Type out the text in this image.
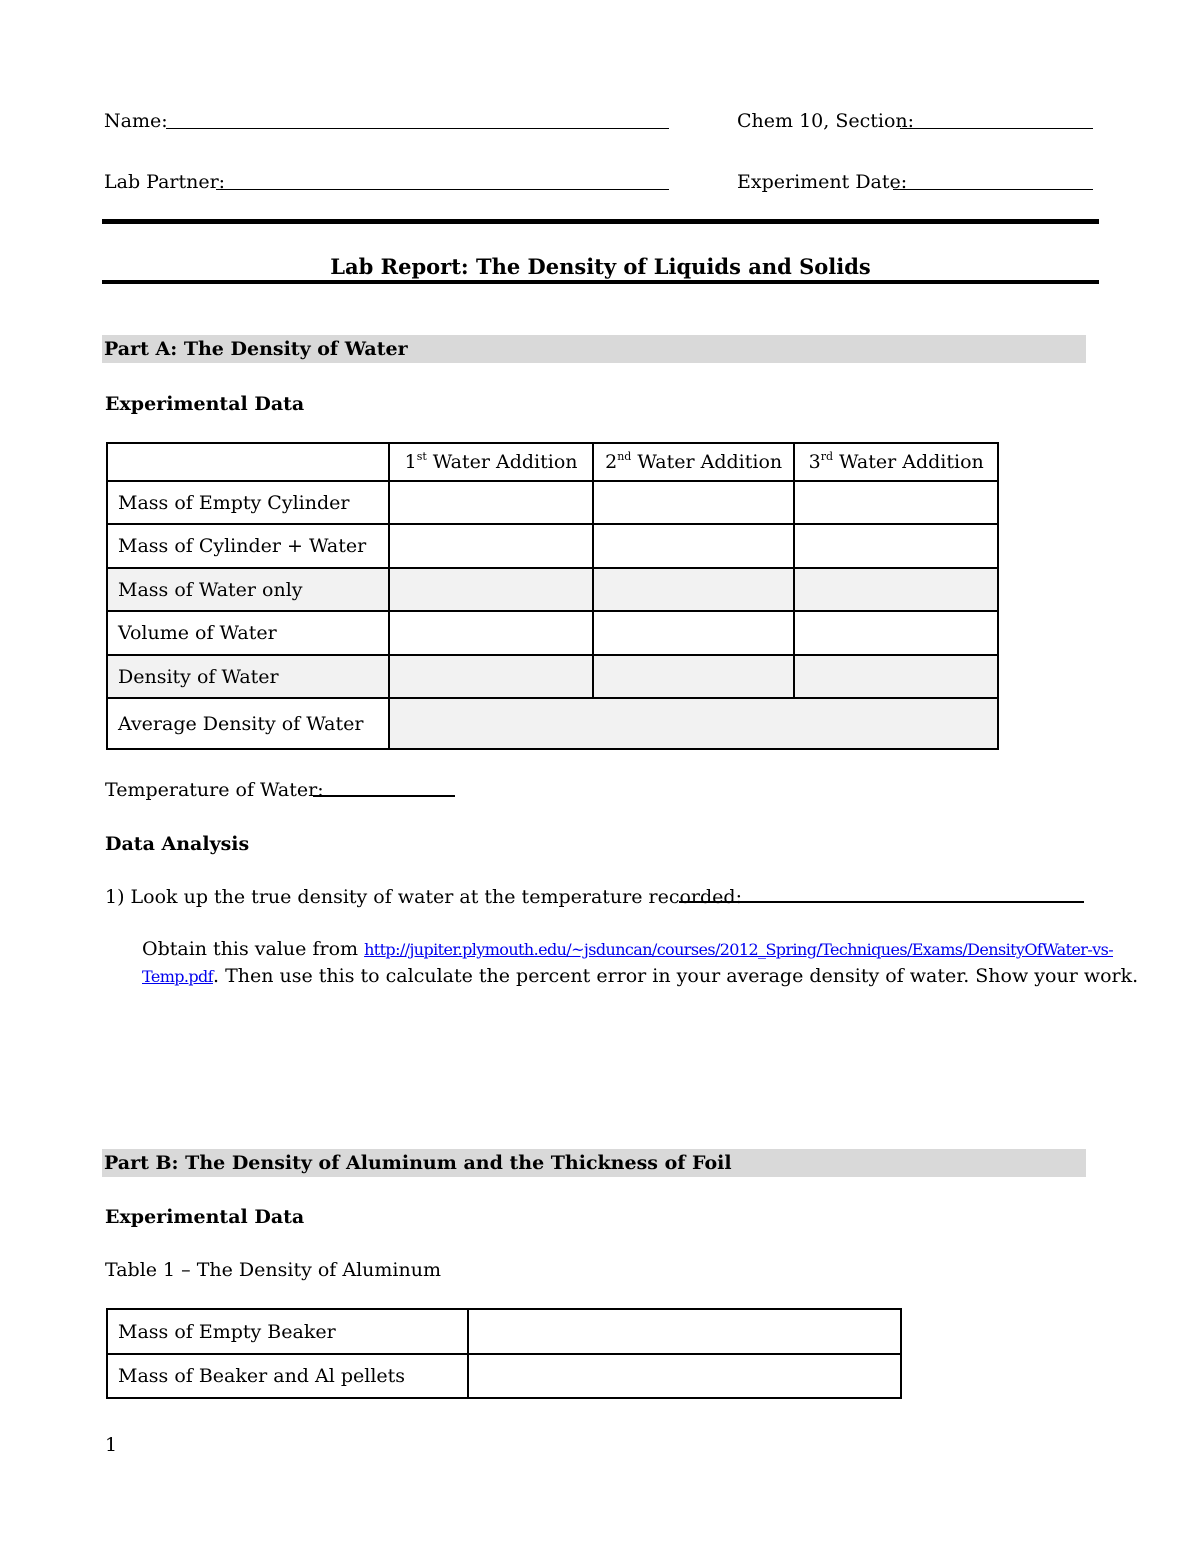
Name:	Chem 10, Section:
Lab Partner:	Experiment Date:
Lab Report: The Density of Liquids and Solids
Part A: The Density of Water
Experimental Data
	1st Water Addition	2nd Water Addition	3rd Water Addition
Mass of Empty Cylinder			
Mass of Cylinder + Water			
Mass of Water only			
Volume of Water			
Density of Water			
Average Density of Water			
Temperature of Water:
Data Analysis
1) Look up the true density of water at the temperature recorded:
Obtain this value from http://jupiter.plymouth.edu/~jsduncan/courses/2012_Spring/Techniques/Exams/DensityOfWater-vs-
Temp.pdf. Then use this to calculate the percent error in your average density of water. Show your work.
Part B: The Density of Aluminum and the Thickness of Foil
Experimental Data
Table 1 – The Density of Aluminum
Mass of Empty Beaker	
Mass of Beaker and Al pellets	
1
